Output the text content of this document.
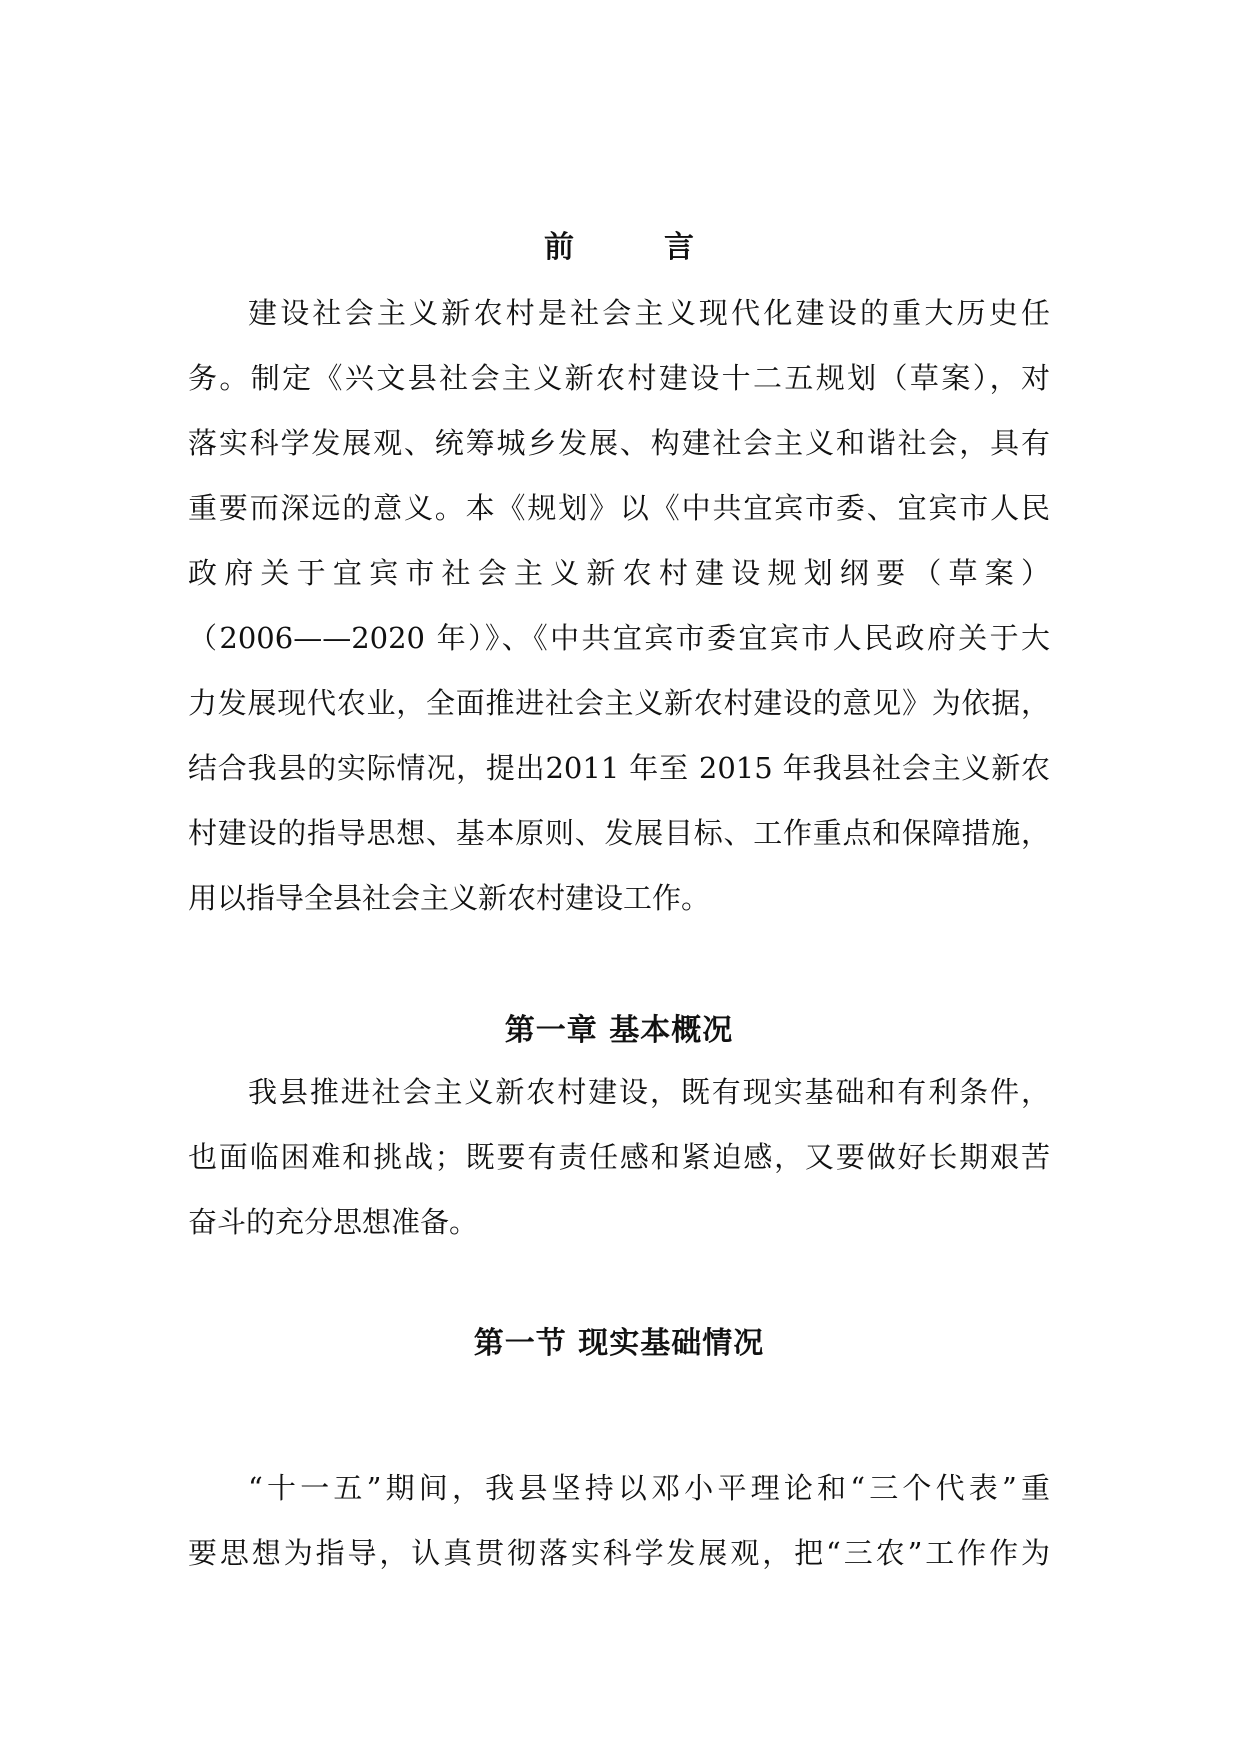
前　言
建设社会主义新农村是社会主义现代化建设的重大历史任
务。制定《兴文县社会主义新农村建设十二五规划（草案），对
落实科学发展观、统筹城乡发展、构建社会主义和谐社会，具有
重要而深远的意义。本《规划》以《中共宜宾市委、宜宾市人民
政府关于宜宾市社会主义新农村建设规划纲要（草案）
（2006——2020 年）》、《中共宜宾市委宜宾市人民政府关于大
力发展现代农业，全面推进社会主义新农村建设的意见》为依据，
结合我县的实际情况，提出2011 年至 2015 年我县社会主义新农
村建设的指导思想、基本原则、发展目标、工作重点和保障措施，
用以指导全县社会主义新农村建设工作。
第一章 基本概况
我县推进社会主义新农村建设，既有现实基础和有利条件，
也面临困难和挑战；既要有责任感和紧迫感，又要做好长期艰苦
奋斗的充分思想准备。
第一节 现实基础情况
“十一五”期间，我县坚持以邓小平理论和“三个代表”重
要思想为指导，认真贯彻落实科学发展观，把“三农”工作作为
